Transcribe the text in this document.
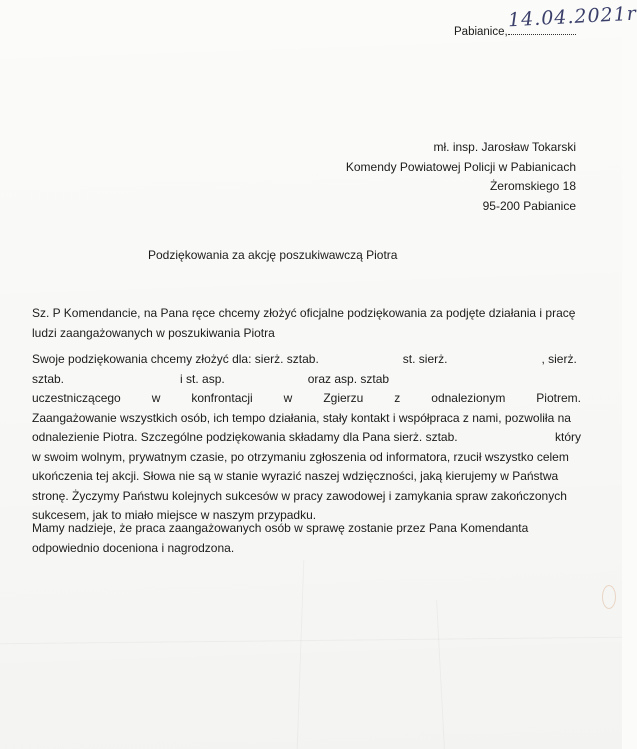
Pabianice,
14.04.2021r
mł. insp. Jarosław Tokarski
Komendy Powiatowej Policji w Pabianicach
Żeromskiego 18
95-200 Pabianice
Podziękowania za akcję poszukiwawczą Piotra
Sz. P Komendancie, na Pana ręce chcemy złożyć oficjalne podziękowania za podjęte działania i pracę
ludzi zaangażowanych w poszukiwania Piotra
Swoje podziękowania chcemy złożyć dla: sierż. sztab.	st. sierż.	, sierż.
sztab.	i st. asp.	oraz asp. sztab
uczestniczącego	w	konfrontacji	w	Zgierzu	z	odnalezionym	Piotrem.
Zaangażowanie wszystkich osób, ich tempo działania, stały kontakt i współpraca z nami, pozwoliła na
odnalezienie Piotra. Szczególne podziękowania składamy dla Pana sierż. sztab.	który
w swoim wolnym, prywatnym czasie, po otrzymaniu zgłoszenia od informatora, rzucił wszystko celem
ukończenia tej akcji. Słowa nie są w stanie wyrazić naszej wdzięczności, jaką kierujemy w Państwa
stronę. Życzymy Państwu kolejnych sukcesów w pracy zawodowej i zamykania spraw zakończonych
sukcesem, jak to miało miejsce w naszym przypadku.
Mamy nadzieje, że praca zaangażowanych osób w sprawę zostanie przez Pana Komendanta
odpowiednio doceniona i nagrodzona.
